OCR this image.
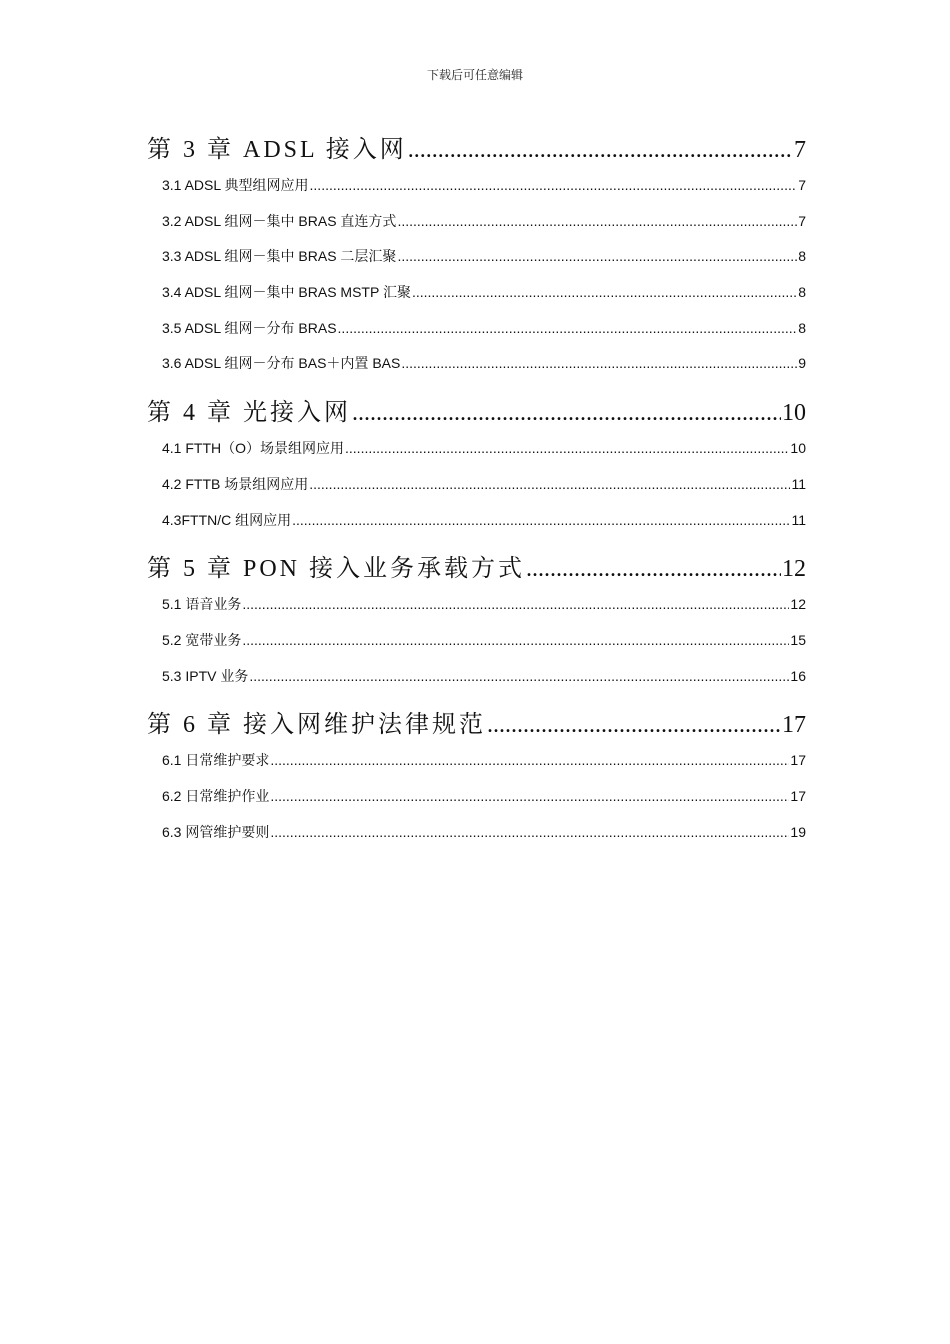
下载后可任意编辑
第 3 章 ADSL 接入网 .....	7
3.1 ADSL 典型组网应用 .....	7
3.2 ADSL 组网－集中 BRAS 直连方式 .....	7
3.3 ADSL 组网－集中 BRAS 二层汇聚 .....	8
3.4 ADSL 组网－集中 BRAS MSTP 汇聚 .....	8
3.5 ADSL 组网－分布 BRAS .....	8
3.6 ADSL 组网－分布 BAS＋内置 BAS .....	9
第 4 章 光接入网 .....	10
4.1 FTTH（O）场景组网应用 .....	10
4.2 FTTB 场景组网应用 .....	11
4.3FTTN/C 组网应用 .....	11
第 5 章 PON 接入业务承载方式 .....	12
5.1 语音业务 .....	12
5.2 宽带业务 .....	15
5.3 IPTV 业务 .....	16
第 6 章 接入网维护法律规范 .....	17
6.1 日常维护要求 .....	17
6.2 日常维护作业 .....	17
6.3 网管维护要则 .....	19
